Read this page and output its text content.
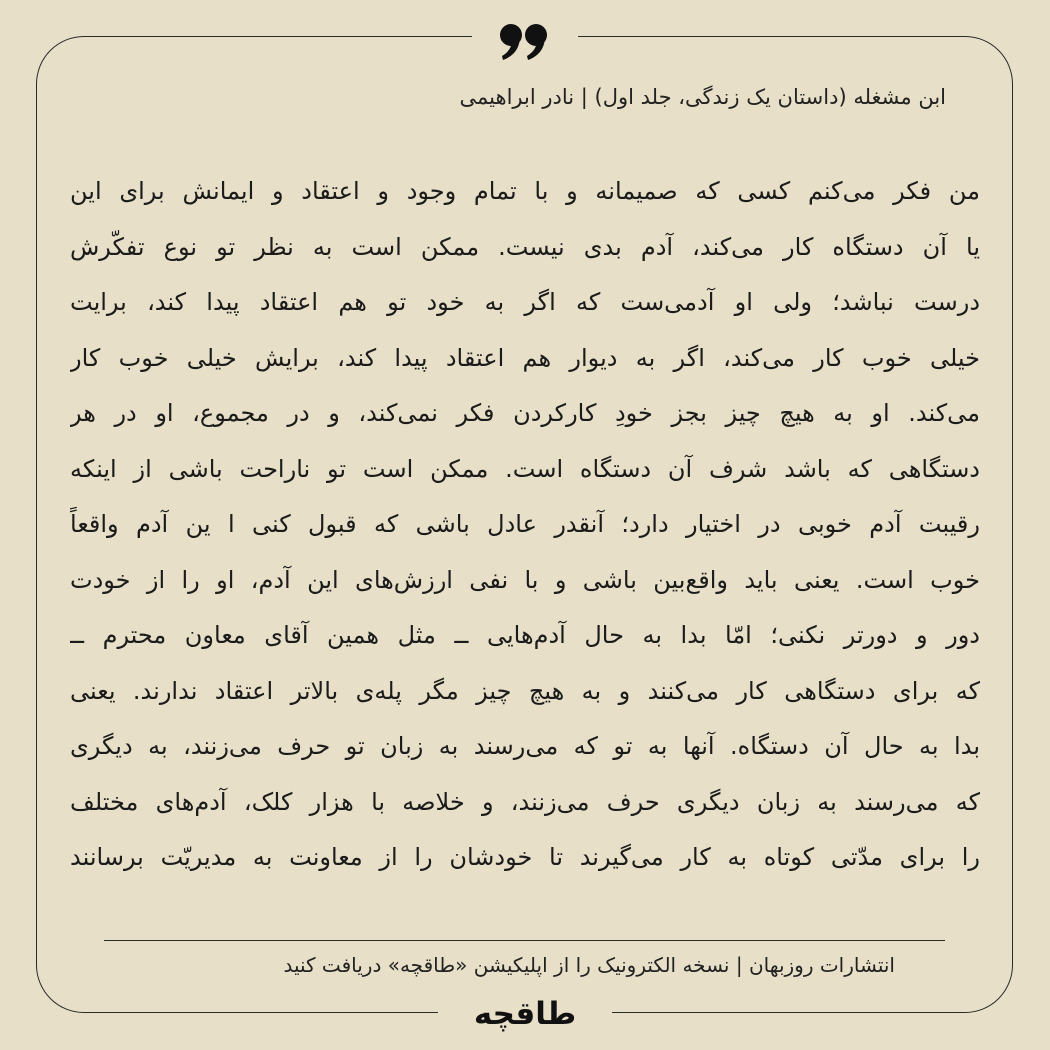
ابن مشغله (داستان یک زندگی، جلد اول) | نادر ابراهیمی
من فکر می‌کنم کسی که صمیمانه و با تمام وجود و اعتقاد و ایمانش برای این
یا آن دستگاه کار می‌کند، آدم بدی نیست. ممکن است به نظر تو نوع تفکّرش
درست نباشد؛ ولی او آدمی‌ست که اگر به خود تو هم اعتقاد پیدا کند، برایت
خیلی خوب کار می‌کند، اگر به دیوار هم اعتقاد پیدا کند، برایش خیلی خوب کار
می‌کند. او به هیچ چیز بجز خودِ کارکردن فکر نمی‌کند، و در مجموع، او در هر
دستگاهی که باشد شرف آن دستگاه است. ممکن است تو ناراحت باشی از اینکه
رقیبت آدم خوبی در اختیار دارد؛ آنقدر عادل باشی که قبول کنی ا ین آدم واقعاً
خوب است. یعنی باید واقع‌بین باشی و با نفی ارزش‌های این آدم، او را از خودت
دور و دورتر نکنی؛ امّا بدا به حال آدم‌هایی ــ مثل همین آقای معاون محترم ــ
که برای دستگاهی کار می‌کنند و به هیچ چیز مگر پله‌ی بالاتر اعتقاد ندارند. یعنی
بدا به حال آن دستگاه. آنها به تو که می‌رسند به زبان تو حرف می‌زنند، به دیگری
که می‌رسند به زبان دیگری حرف می‌زنند، و خلاصه با هزار کلک، آدم‌های مختلف
را برای مدّتی کوتاه به کار می‌گیرند تا خودشان را از معاونت به مدیریّت برسانند
انتشارات روزبهان | نسخه الکترونیک را از اپلیکیشن «طاقچه» دریافت کنید
طاقچه
